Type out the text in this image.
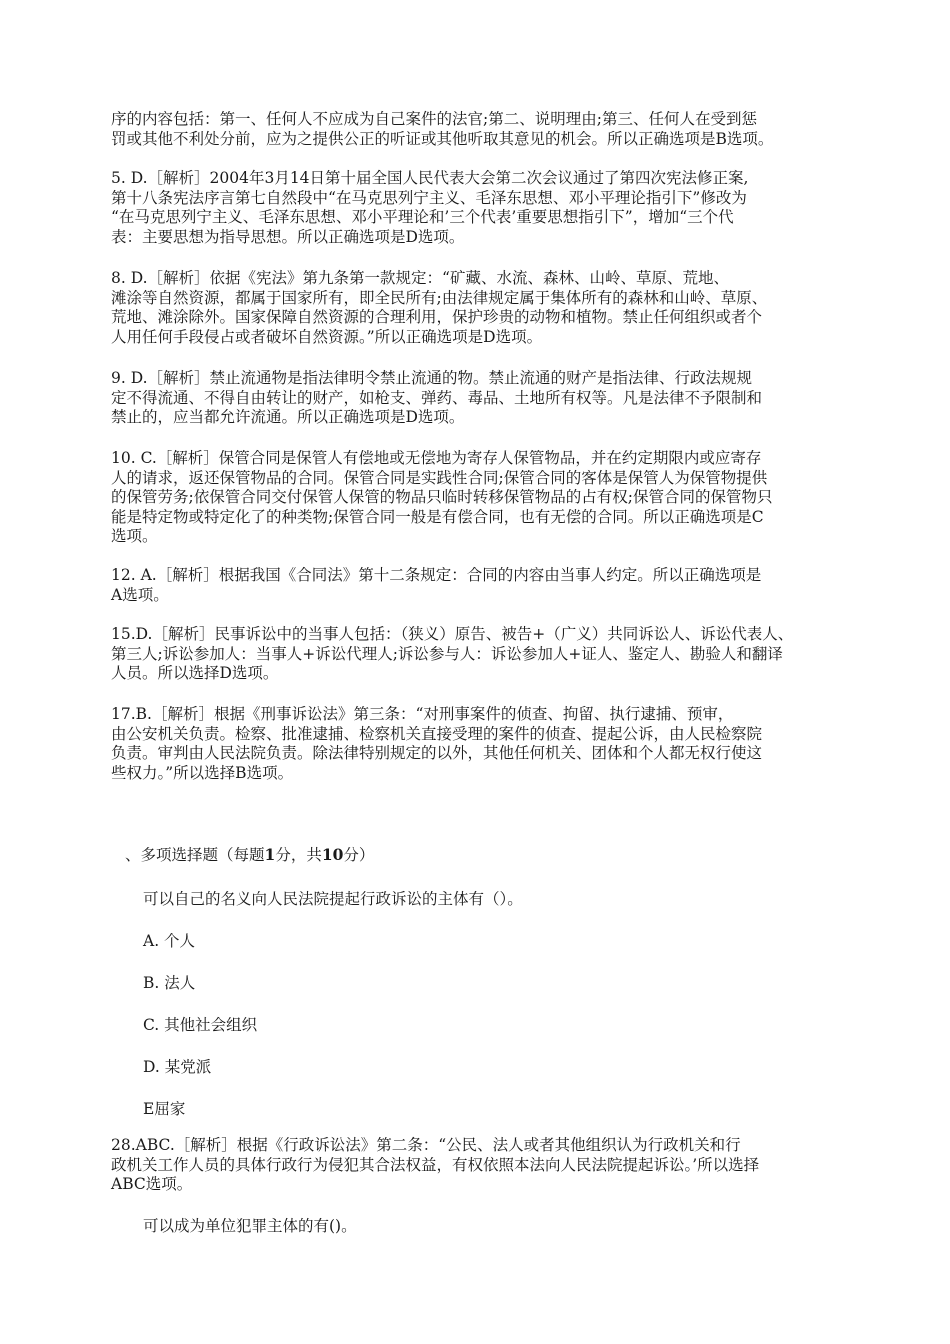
序的内容包括：第一、任何人不应成为自己案件的法官;第二、说明理由;第三、任何人在受到惩
罚或其他不利处分前，应为之提供公正的听证或其他听取其意见的机会。所以正确选项是B选项。

5. D.［解析］2004年3月14日第十届全国人民代表大会第二次会议通过了第四次宪法修正案,
第十八条宪法序言第七自然段中“在马克思列宁主义、毛泽东思想、邓小平理论指引下”修改为
“在马克思列宁主义、毛泽东思想、邓小平理论和’三个代表’重要思想指引下”，增加“三个代
表：主要思想为指导思想。所以正确选项是D选项。

8. D.［解析］依据《宪法》第九条第一款规定：“矿藏、水流、森林、山岭、草原、荒地、
滩涂等自然资源，都属于国家所有，即全民所有;由法律规定属于集体所有的森林和山岭、草原、
荒地、滩涂除外。国家保障自然资源的合理利用，保护珍贵的动物和植物。禁止任何组织或者个
人用任何手段侵占或者破坏自然资源。”所以正确选项是D选项。

9. D.［解析］禁止流通物是指法律明令禁止流通的物。禁止流通的财产是指法律、行政法规规
定不得流通、不得自由转让的财产，如枪支、弹药、毒品、土地所有权等。凡是法律不予限制和
禁止的，应当都允许流通。所以正确选项是D选项。

10. C.［解析］保管合同是保管人有偿地或无偿地为寄存人保管物品，并在约定期限内或应寄存
人的请求，返还保管物品的合同。保管合同是实践性合同;保管合同的客体是保管人为保管物提供
的保管劳务;依保管合同交付保管人保管的物品只临时转移保管物品的占有权;保管合同的保管物只
能是特定物或特定化了的种类物;保管合同一般是有偿合同，也有无偿的合同。所以正确选项是C
选项。

12. A.［解析］根据我国《合同法》第十二条规定：合同的内容由当事人约定。所以正确选项是
A选项。

15.D.［解析］民事诉讼中的当事人包括：（狭义）原告、被告+（广义）共同诉讼人、诉讼代表人、
第三人;诉讼参加人：当事人+诉讼代理人;诉讼参与人：诉讼参加人+证人、鉴定人、勘验人和翻译
人员。所以选择D选项。

17.B.［解析］根据《刑事诉讼法》第三条：“对刑事案件的侦查、拘留、执行逮捕、预审，
由公安机关负责。检察、批准逮捕、检察机关直接受理的案件的侦查、提起公诉，由人民检察院
负责。审判由人民法院负责。除法律特别规定的以外，其他任何机关、团体和个人都无权行使这
些权力。”所以选择B选项。

、多项选择题（每题1分，共10分）

可以自己的名义向人民法院提起行政诉讼的主体有（）。

A. 个人

B. 法人

C. 其他社会组织

D. 某党派

E屈家

28.ABC.［解析］根据《行政诉讼法》第二条：“公民、法人或者其他组织认为行政机关和行
政机关工作人员的具体行政行为侵犯其合法权益，有权依照本法向人民法院提起诉讼。’所以选择
ABC选项。

可以成为单位犯罪主体的有()。
